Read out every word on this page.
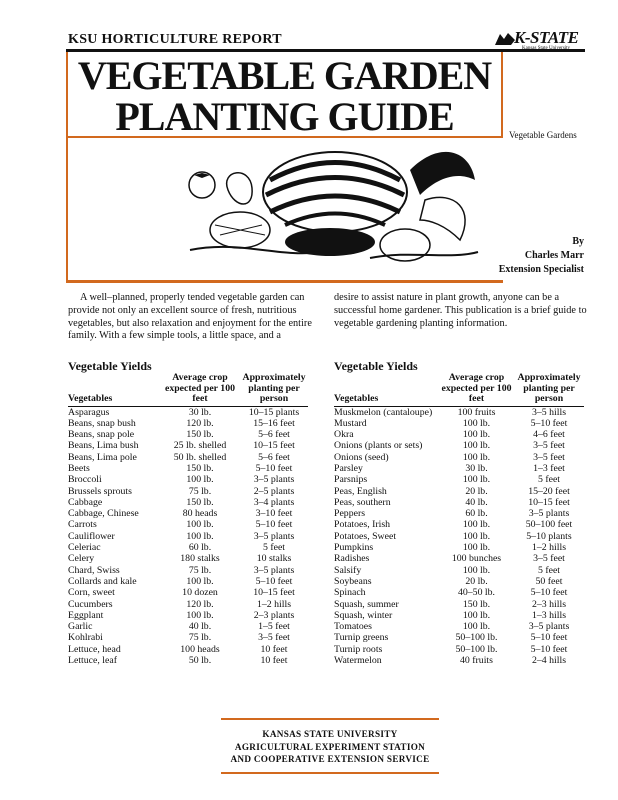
KSU HORTICULTURE REPORT	K-STATE
VEGETABLE GARDEN
PLANTING GUIDE	Vegetable Gardens
By
Charles Marr
Extension Specialist
A well–planned, properly tended vegetable garden can provide not only an excellent source of fresh, nutritious vegetables, but also relaxation and enjoyment for the entire family. With a few simple tools, a little space, and a
desire to assist nature in plant growth, anyone can be a successful home gardener. This publication is a brief guide to vegetable gardening planting information.
Vegetable Yields
Vegetables	Average crop expected per 100 feet	Approximately planting per person
Asparagus	30 lb.	10–15 plants
Beans, snap bush	120 lb.	15–16 feet
Beans, snap pole	150 lb.	5–6 feet
Beans, Lima bush	25 lb. shelled	10–15 feet
Beans, Lima pole	50 lb. shelled	5–6 feet
Beets	150 lb.	5–10 feet
Broccoli	100 lb.	3–5 plants
Brussels sprouts	75 lb.	2–5 plants
Cabbage	150 lb.	3–4 plants
Cabbage, Chinese	80 heads	3–10 feet
Carrots	100 lb.	5–10 feet
Cauliflower	100 lb.	3–5 plants
Celeriac	60 lb.	5 feet
Celery	180 stalks	10 stalks
Chard, Swiss	75 lb.	3–5 plants
Collards and kale	100 lb.	5–10 feet
Corn, sweet	10 dozen	10–15 feet
Cucumbers	120 lb.	1–2 hills
Eggplant	100 lb.	2–3 plants
Garlic	40 lb.	1–5 feet
Kohlrabi	75 lb.	3–5 feet
Lettuce, head	100 heads	10 feet
Lettuce, leaf	50 lb.	10 feet
Vegetable Yields
Vegetables	Average crop expected per 100 feet	Approximately planting per person
Muskmelon (cantaloupe)	100 fruits	3–5 hills
Mustard	100 lb.	5–10 feet
Okra	100 lb.	4–6 feet
Onions (plants or sets)	100 lb.	3–5 feet
Onions (seed)	100 lb.	3–5 feet
Parsley	30 lb.	1–3 feet
Parsnips	100 lb.	5 feet
Peas, English	20 lb.	15–20 feet
Peas, southern	40 lb.	10–15 feet
Peppers	60 lb.	3–5 plants
Potatoes, Irish	100 lb.	50–100 feet
Potatoes, Sweet	100 lb.	5–10 plants
Pumpkins	100 lb.	1–2 hills
Radishes	100 bunches	3–5 feet
Salsify	100 lb.	5 feet
Soybeans	20 lb.	50 feet
Spinach	40–50 lb.	5–10 feet
Squash, summer	150 lb.	2–3 hills
Squash, winter	100 lb.	1–3 hills
Tomatoes	100 lb.	3–5 plants
Turnip greens	50–100 lb.	5–10 feet
Turnip roots	50–100 lb.	5–10 feet
Watermelon	40 fruits	2–4 hills
KANSAS STATE UNIVERSITY
AGRICULTURAL EXPERIMENT STATION
AND COOPERATIVE EXTENSION SERVICE
